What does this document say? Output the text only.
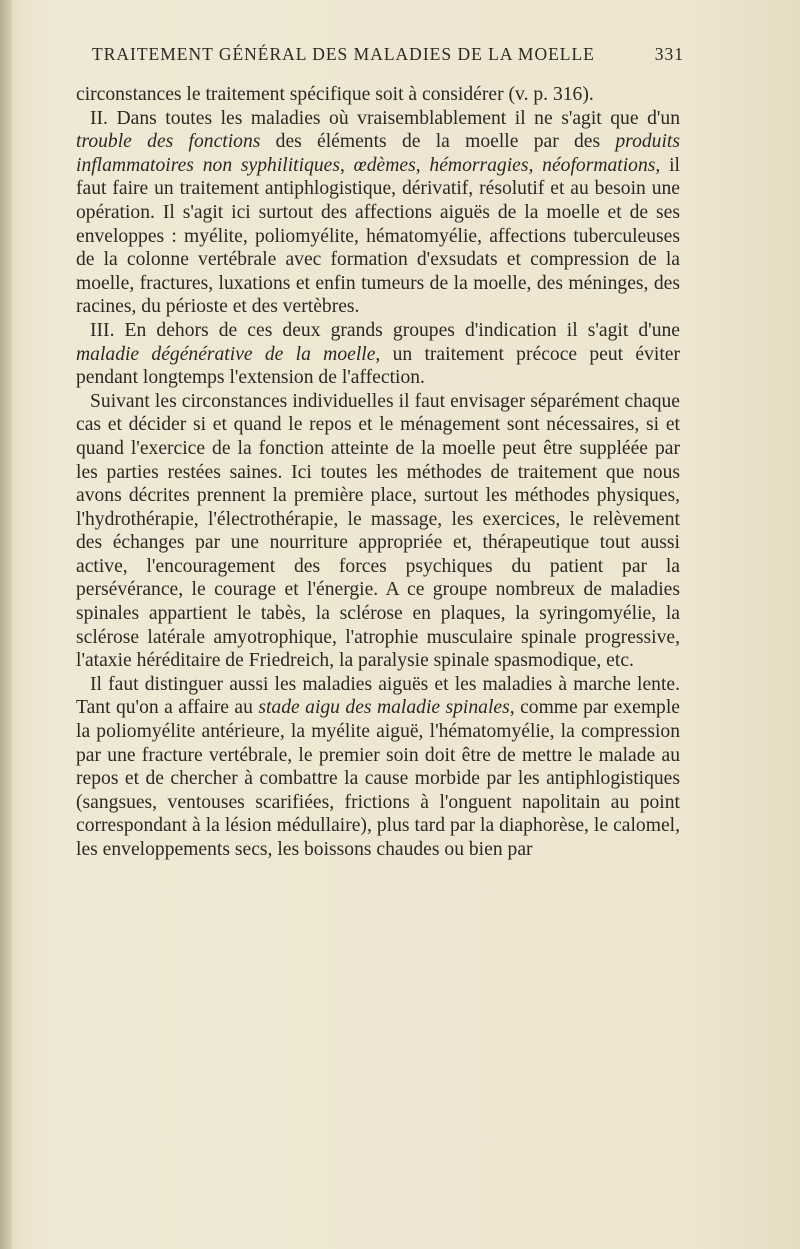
TRAITEMENT GÉNÉRAL DES MALADIES DE LA MOELLE	331

circonstances le traitement spécifique soit à considérer (v. p. 316).

II. Dans toutes les maladies où vraisemblablement il ne s'agit que d'un trouble des fonctions des éléments de la moelle par des produits inflammatoires non syphilitiques, œdèmes, hémorragies, néoformations, il faut faire un traitement antiphlogistique, dérivatif, résolutif et au besoin une opération. Il s'agit ici surtout des affections aiguës de la moelle et de ses enveloppes : myélite, poliomyélite, hématomyélie, affections tuberculeuses de la colonne vertébrale avec formation d'exsudats et compression de la moelle, fractures, luxations et enfin tumeurs de la moelle, des méninges, des racines, du périoste et des vertèbres.

III. En dehors de ces deux grands groupes d'indication il s'agit d'une maladie dégénérative de la moelle, un traitement précoce peut éviter pendant longtemps l'extension de l'affection.

Suivant les circonstances individuelles il faut envisager séparément chaque cas et décider si et quand le repos et le ménagement sont nécessaires, si et quand l'exercice de la fonction atteinte de la moelle peut être suppléée par les parties restées saines. Ici toutes les méthodes de traitement que nous avons décrites prennent la première place, surtout les méthodes physiques, l'hydrothérapie, l'électrothérapie, le massage, les exercices, le relèvement des échanges par une nourriture appropriée et, thérapeutique tout aussi active, l'encouragement des forces psychiques du patient par la persévérance, le courage et l'énergie. A ce groupe nombreux de maladies spinales appartient le tabès, la sclérose en plaques, la syringomyélie, la sclérose latérale amyotrophique, l'atrophie musculaire spinale progressive, l'ataxie héréditaire de Friedreich, la paralysie spinale spasmodique, etc.

Il faut distinguer aussi les maladies aiguës et les maladies à marche lente. Tant qu'on a affaire au stade aigu des maladie spinales, comme par exemple la poliomyélite antérieure, la myélite aiguë, l'hématomyélie, la compression par une fracture vertébrale, le premier soin doit être de mettre le malade au repos et de chercher à combattre la cause morbide par les antiphlogistiques (sangsues, ventouses scarifiées, frictions à l'onguent napolitain au point correspondant à la lésion médullaire), plus tard par la diaphorèse, le calomel, les enveloppements secs, les boissons chaudes ou bien par
